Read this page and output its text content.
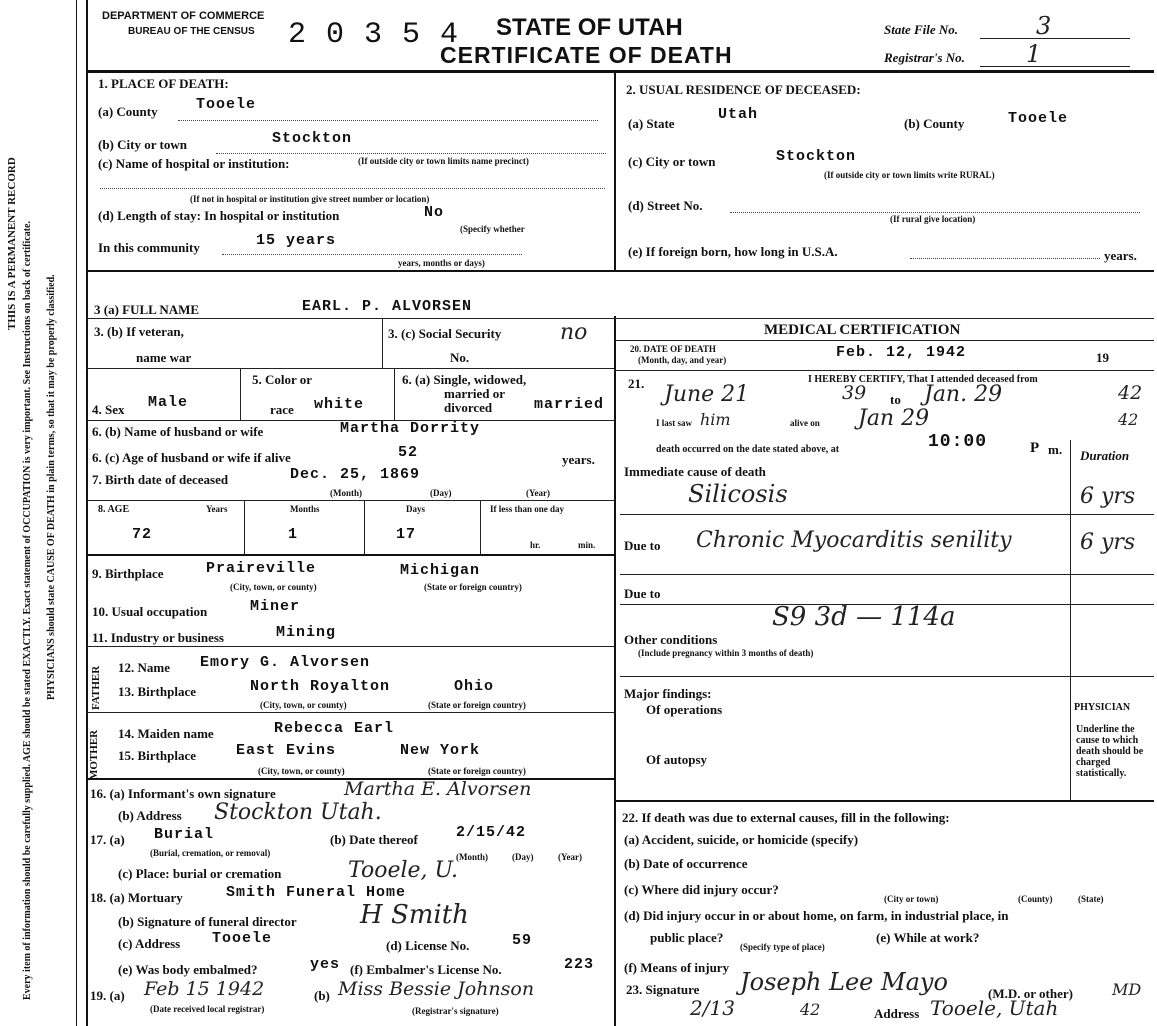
THIS IS A PERMANENT RECORD Every item of information should be carefully supplied. AGE should be stated EXACTLY. Exact statement of OCCUPATION is very important. See Instructions on back of certificate. PHYSICIANS should state CAUSE OF DEATH in plain terms, so that it may be properly classified.
DEPARTMENT OF COMMERCE
BUREAU OF THE CENSUS 20354 STATE OF UTAH
CERTIFICATE OF DEATH
State File No.	3
Registrar's No.	1
1. PLACE OF DEATH:
(a) County	Tooele
(b) City or town	Stockton
(c) Name of hospital or institution:	(If outside city or town limits name precinct)
(If not in hospital or institution give street number or location)
(d) Length of stay: In hospital or institution	No
(Specify whether
In this community	15 years
years, months or days)
2. USUAL RESIDENCE OF DECEASED:
(a) State
Utah
(b) County	Tooele
(c) City or town	Stockton
(If outside city or town limits write RURAL)
(d) Street No.
(If rural give location)
(e) If foreign born, how long in U.S.A.	years.
3 (a) FULL NAME	EARL. P. ALVORSEN
3. (b) If veteran,
name war
3. (c) Social Security	no
No.
4. Sex Male
5. Color or
race white
6. (a) Single, widowed,
married or
divorced	married
6. (b) Name of husband or wife	Martha Dorrity
6. (c) Age of husband or wife if alive	52	years.
7. Birth date of deceased	Dec. 25, 1869
(Month)	(Day)	(Year)
8. AGE	Years	Months	Days	If less than one day
72	1	17
hr.	min.
9. Birthplace	Praireville	Michigan
(City, town, or county)	(State or foreign country)
10. Usual occupation	Miner
11. Industry or business	Mining
FATHER 12. Name Emory G. Alvorsen
13. Birthplace	North Royalton	Ohio
(City, town, or county)	(State or foreign country)
MOTHER 14. Maiden name	Rebecca Earl
15. Birthplace	East Evins	New York
(City, town, or county)	(State or foreign country)
16. (a) Informant's own signature	Martha E. Alvorsen
(b) Address Stockton Utah.
17. (a) Burial
(Burial, cremation, or removal)
(b) Date thereof	2/15/42
(Month)	(Day)	(Year)
(c) Place: burial or cremation	Tooele, U.
18. (a) Mortuary	Smith Funeral Home
(b) Signature of funeral director H Smith
(c) Address Tooele	(d) License No.	59
(e) Was body embalmed?	yes (f) Embalmer's License No.	223
19. (a) Feb 15 1942
(Date received local registrar)
(b) Miss Bessie Johnson
(Registrar's signature)
MEDICAL CERTIFICATION
20. DATE OF DEATH
(Month, day, and year)	Feb. 12, 1942	19
21. June 21	39 to Jan. 29	42
I HEREBY CERTIFY, That I attended deceased from
I last saw him	alive on Jan 29	42
death occurred on the date stated above, at	10:00	P m. Duration
Immediate cause of death
Silicosis	6 yrs
Due to Chronic Myocarditis senility	6 yrs
Due to
S9 3d — 114a
Other conditions
(Include pregnancy within 3 months of death)
Major findings:
Of operations
Of autopsy
PHYSICIAN
Underline the cause to which death should be charged statistically.
22. If death was due to external causes, fill in the following:
(a) Accident, suicide, or homicide (specify)
(b) Date of occurrence
(c) Where did injury occur?
(City or town)	(County)	(State)
(d) Did injury occur in or about home, on farm, in industrial place, in
public place?
(Specify type of place)
(e) While at work?
(f) Means of injury
23. Signature Joseph Lee Mayo	(M.D. or other) MD
2/13	42	Address Tooele, Utah
